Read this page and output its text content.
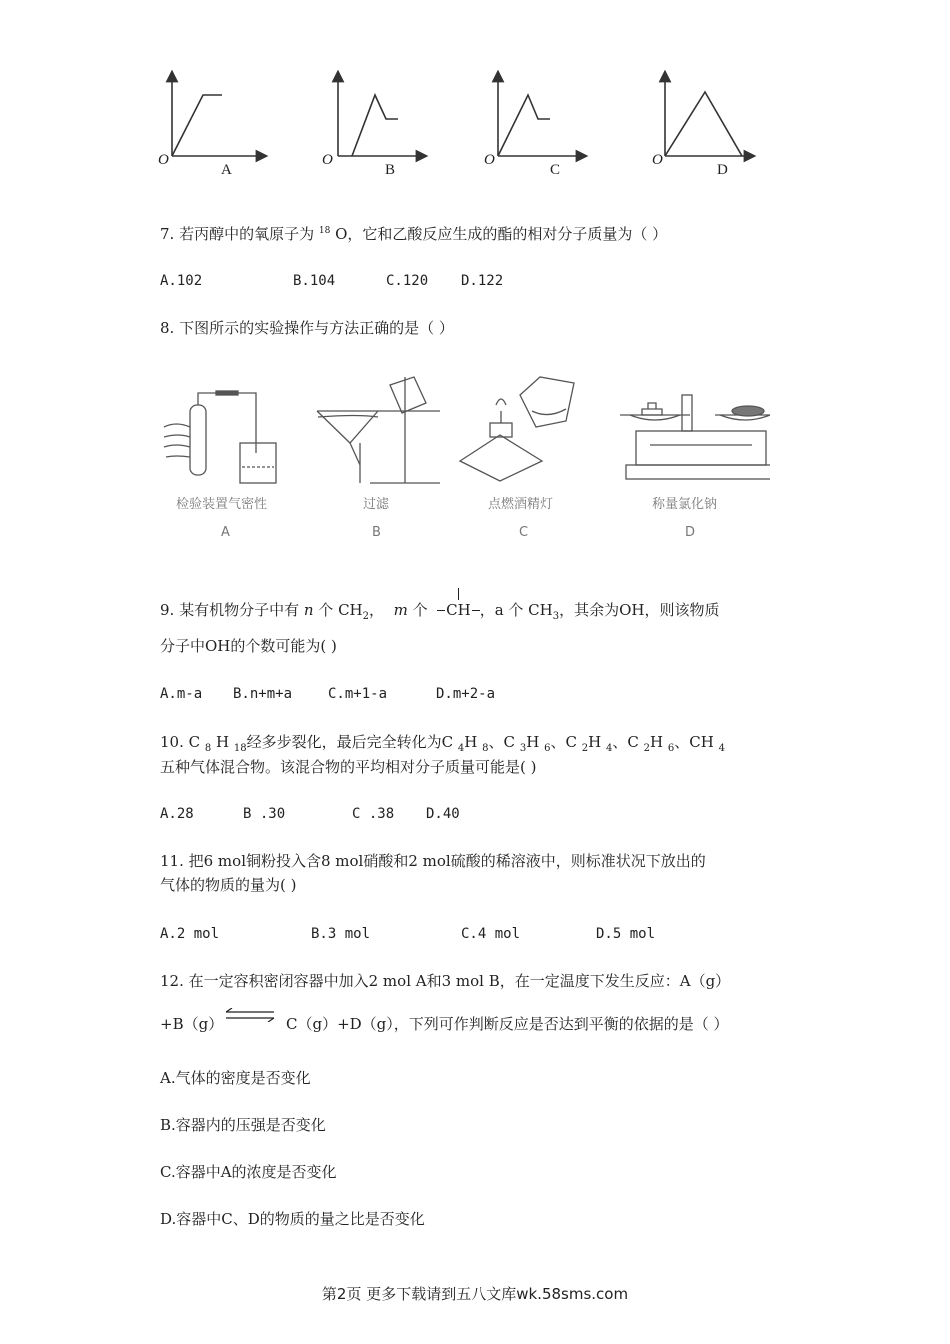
O	O	O	O
A	B	C	D
7. 若丙醇中的氧原子为 $^{18}$ O，它和乙酸反应生成的酯的相对分子质量为（ ）
A.102	B.104	C.120 D.122
8. 下图所示的实验操作与方法正确的是（ ）
检验装置气密性	过滤	点燃酒精灯	称量氯化钠
A	B	C	D
9. 某有机物分子中有 n 个 $CH_2$， m 个 CH ，a 个 $CH_3$，其余为OH，则该物质
分子中OH的个数可能为( )
A.m-a B.n+m+a	C.m+1-a	D.m+2-a
10. C $_8$ H $_{18}$经多步裂化，最后完全转化为C $_4$H $_8$、C $_3$H $_6$、C $_2$H $_4$、C $_2$H $_6$、CH $_4$
五种气体混合物。该混合物的平均相对分子质量可能是( )
A.28	B .30	C .38 D.40
11. 把6 mol铜粉投入含8 mol硝酸和2 mol硫酸的稀溶液中，则标准状况下放出的
气体的物质的量为( )
A.2 mol	B.3 mol	C.4 mol	D.5 mol
12. 在一定容积密闭容器中加入2 mol A和3 mol B，在一定温度下发生反应：A（g）
+B（g） ⇌ C（g）+D（g），下列可作判断反应是否达到平衡的依据的是（ ）
A.气体的密度是否变化
B.容器内的压强是否变化
C.容器中A的浓度是否变化
D.容器中C、D的物质的量之比是否变化
第2页 更多下载请到五八文库wk.58sms.com
